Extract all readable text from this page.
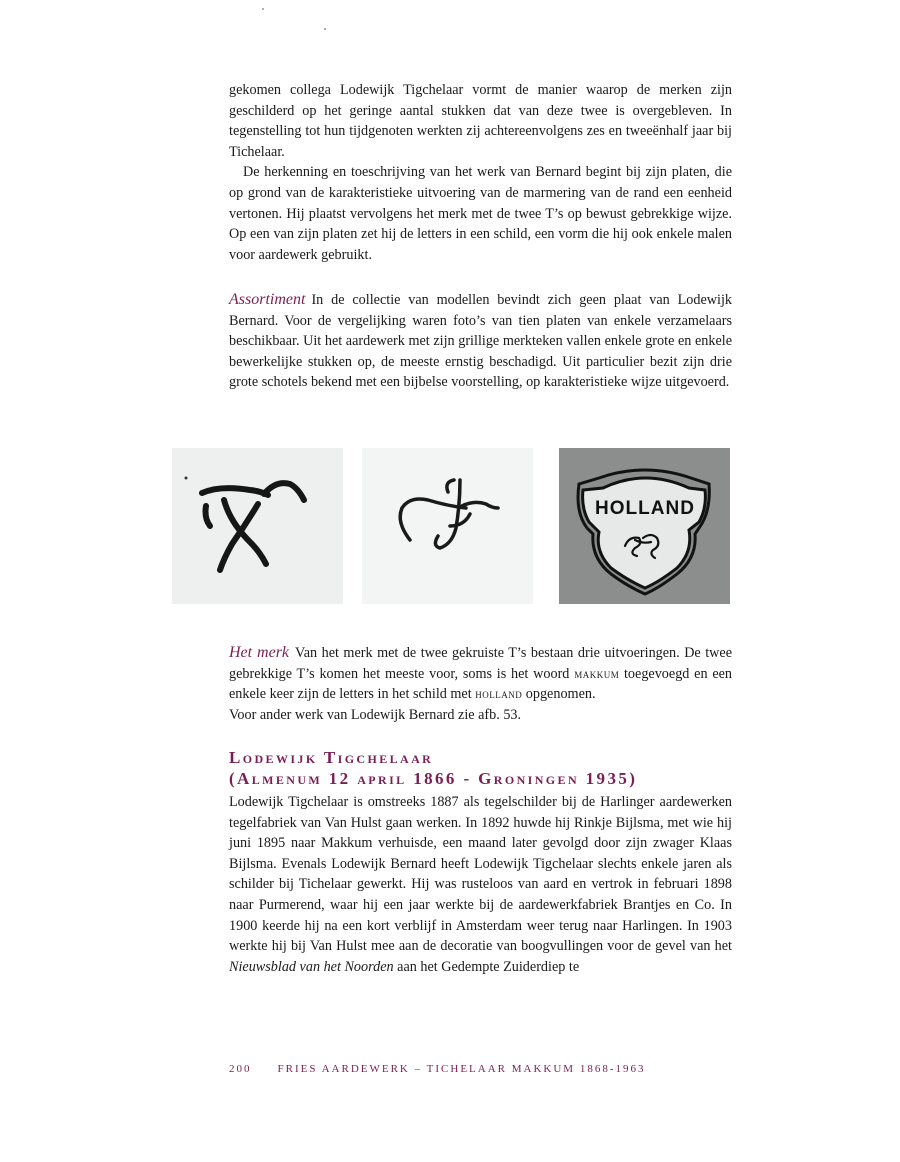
gekomen collega Lodewijk Tigchelaar vormt de manier waarop de merken zijn geschilderd op het geringe aantal stukken dat van deze twee is overgebleven. In tegenstelling tot hun tijdgenoten werkten zij achtereenvolgens zes en tweeënhalf jaar bij Tichelaar.

De herkenning en toeschrijving van het werk van Bernard begint bij zijn platen, die op grond van de karakteristieke uitvoering van de marmering van de rand een eenheid vertonen. Hij plaatst vervolgens het merk met de twee T’s op bewust gebrekkige wijze. Op een van zijn platen zet hij de letters in een schild, een vorm die hij ook enkele malen voor aardewerk gebruikt.

Assortiment In de collectie van modellen bevindt zich geen plaat van Lodewijk Bernard. Voor de vergelijking waren foto’s van tien platen van enkele verzamelaars beschikbaar. Uit het aardewerk met zijn grillige merkteken vallen enkele grote en enkele bewerkelijke stukken op, de meeste ernstig beschadigd. Uit particulier bezit zijn drie grote schotels bekend met een bijbelse voorstelling, op karakteristieke wijze uitgevoerd.

HOLLAND

Het merk Van het merk met de twee gekruiste T’s bestaan drie uitvoeringen. De twee gebrekkige T’s komen het meeste voor, soms is het woord makkum toegevoegd en een enkele keer zijn de letters in het schild met holland opgenomen.

Voor ander werk van Lodewijk Bernard zie afb. 53.

Lodewijk Tigchelaar
(Almenum 12 april 1866 - Groningen 1935)

Lodewijk Tigchelaar is omstreeks 1887 als tegelschilder bij de Harlinger aardewerken tegelfabriek van Van Hulst gaan werken. In 1892 huwde hij Rinkje Bijlsma, met wie hij juni 1895 naar Makkum verhuisde, een maand later gevolgd door zijn zwager Klaas Bijlsma. Evenals Lodewijk Bernard heeft Lodewijk Tigchelaar slechts enkele jaren als schilder bij Tichelaar gewerkt. Hij was rusteloos van aard en vertrok in februari 1898 naar Purmerend, waar hij een jaar werkte bij de aardewerkfabriek Brantjes en Co. In 1900 keerde hij na een kort verblijf in Amsterdam weer terug naar Harlingen. In 1903 werkte hij bij Van Hulst mee aan de decoratie van boogvullingen voor de gevel van het Nieuwsblad van het Noorden aan het Gedempte Zuiderdiep te

200 FRIES AARDEWERK – TICHELAAR MAKKUM 1868-1963
